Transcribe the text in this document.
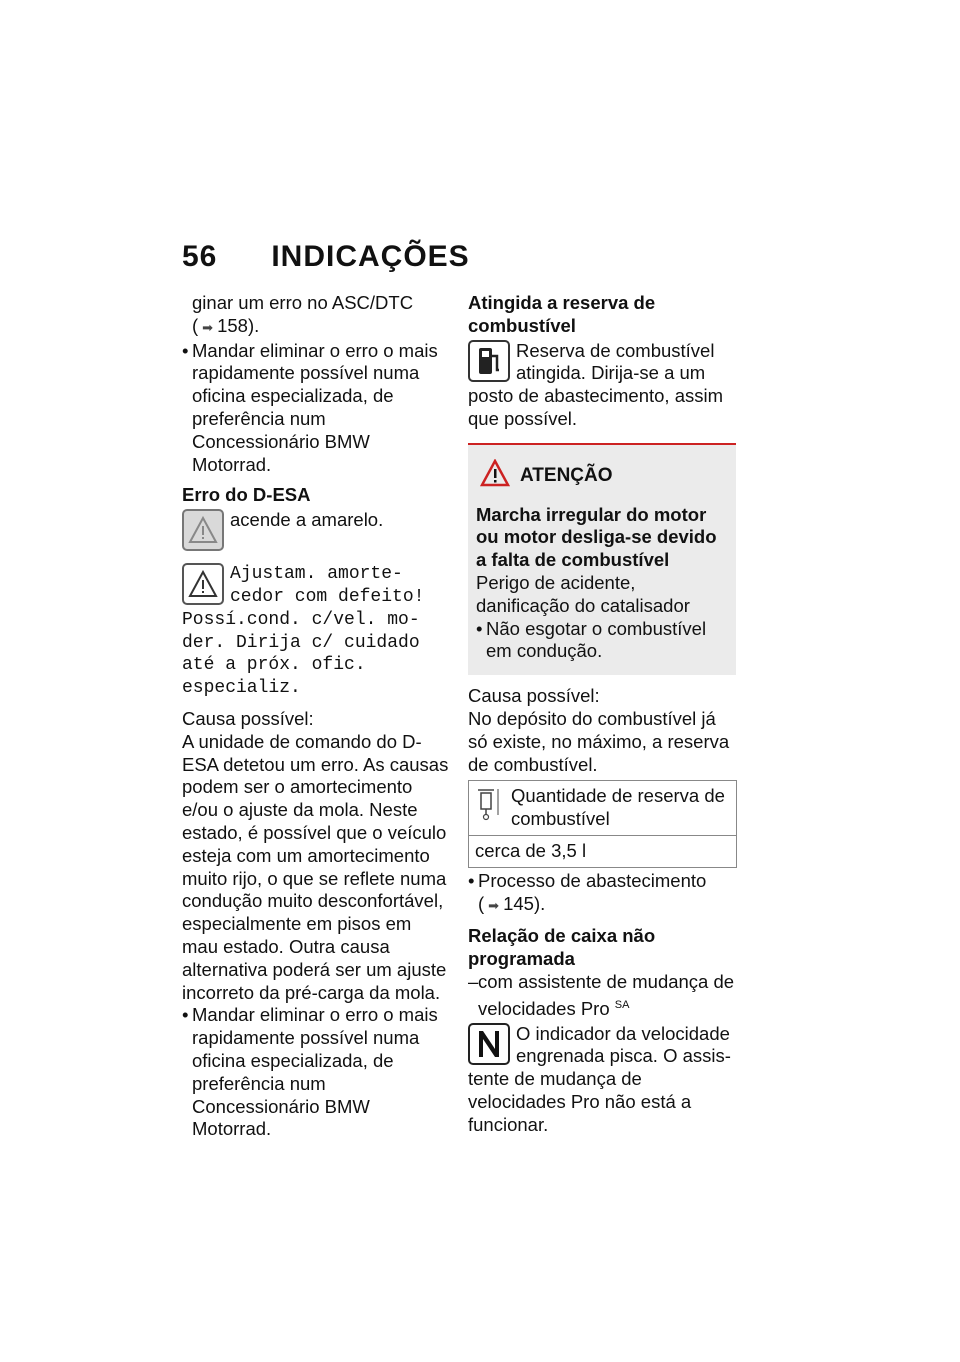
56 INDICAÇÕES

ginar um erro no ASC/DTC

( ➡ 158).

• Mandar eliminar o erro o mais rapidamente possível numa oficina especializada, de preferência num Concessionário BMW Motorrad.

Erro do D-ESA

acende a amarelo.

Ajustam. amorte-

cedor com defeito!

Possí.cond. c/vel. mo-der. Dirija c/ cuidado até a próx. ofic. especializ.

Causa possível:

A unidade de comando do D-ESA detetou um erro. As causas podem ser o amortecimento e/ou o ajuste da mola. Neste estado, é possível que o veículo esteja com um amortecimento muito rijo, o que se reflete numa condução muito desconfortável, especialmente em pisos em mau estado. Outra causa alternativa poderá ser um ajuste incorreto da pré-carga da mola.

• Mandar eliminar o erro o mais rapidamente possível numa oficina especializada, de preferência num Concessionário BMW Motorrad.

Atingida a reserva de combustível

Reserva de combustível atingida. Dirija-se a um

posto de abastecimento, assim que possível.

ATENÇÃO

Marcha irregular do motor ou motor desliga-se devido a falta de combustível

Perigo de acidente, danificação do catalisador

• Não esgotar o combustível em condução.

Causa possível:

No depósito do combustível já só existe, no máximo, a reserva de combustível.

Quantidade de reserva de combustível

cerca de 3,5 l
• Processo de abastecimento

( ➡ 145).

Relação de caixa não programada

– com assistente de mudança de velocidades Pro $^{SA}$
O indicador da velocidade engrenada pisca. O assis-

tente de mudança de velocidades Pro não está a funcionar.
